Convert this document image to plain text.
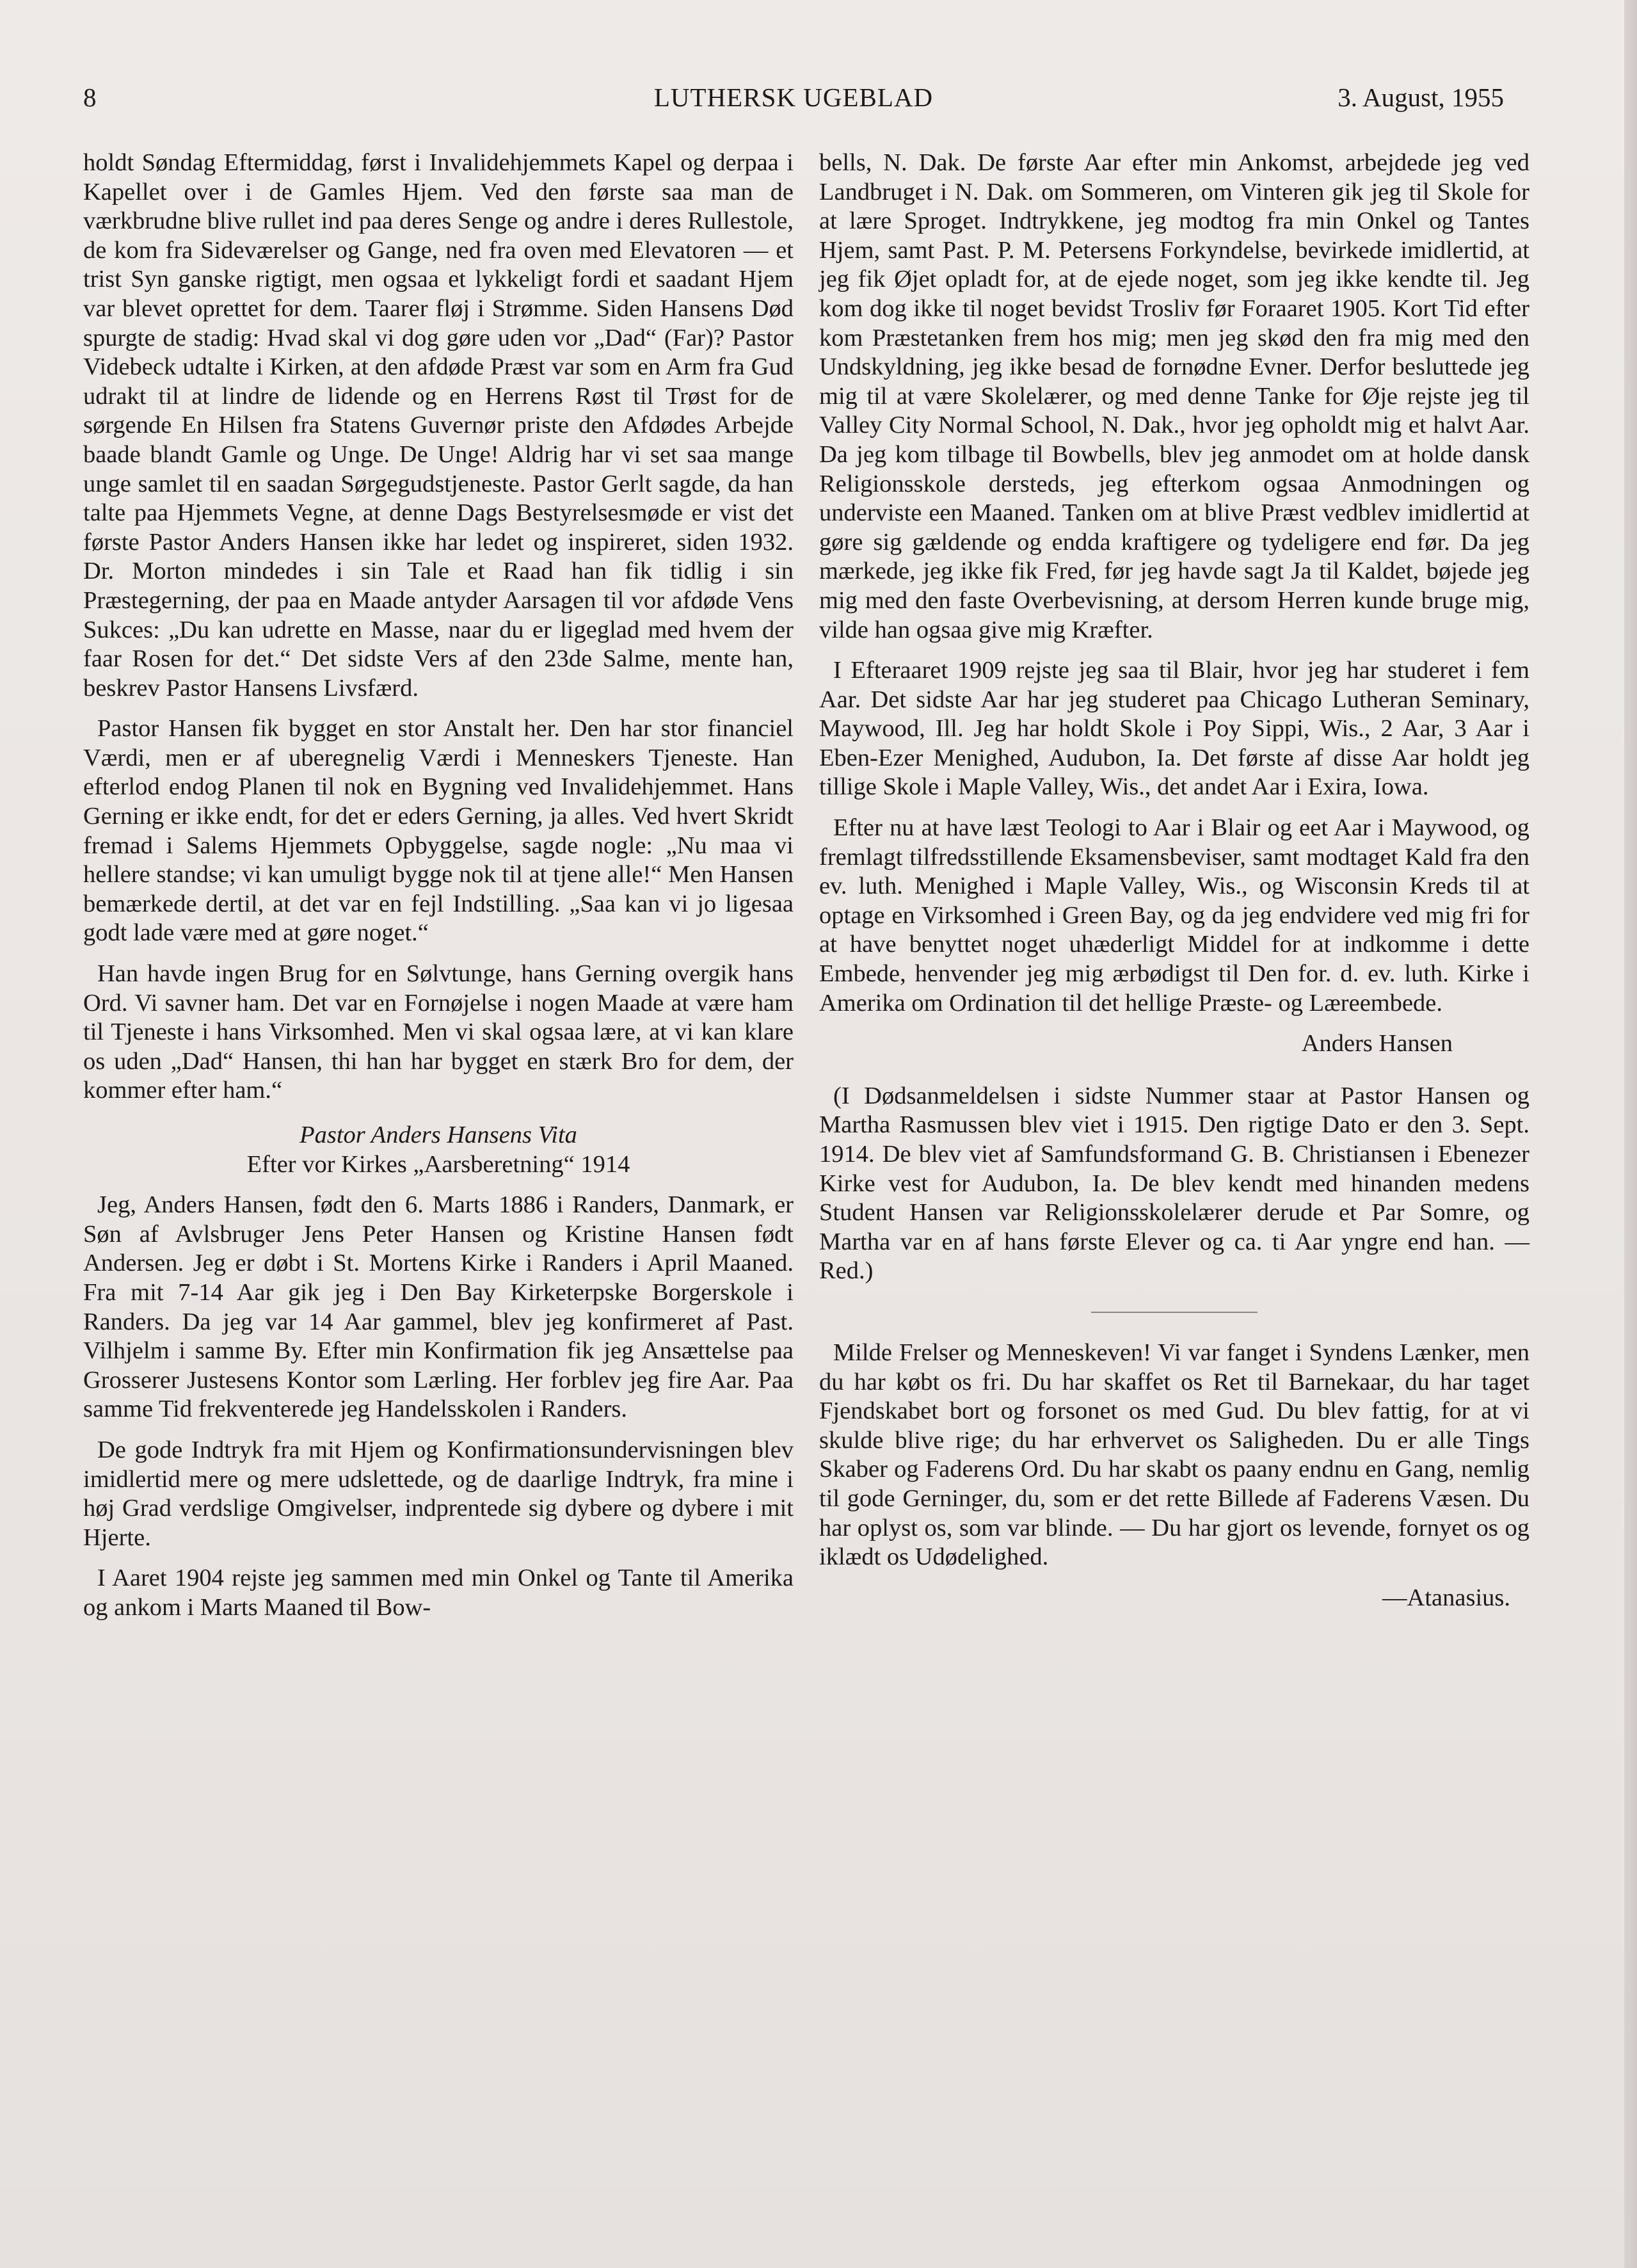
8	LUTHERSK UGEBLAD	3. August, 1955

holdt Søndag Eftermiddag, først i Invalidehjemmets Kapel og derpaa i Kapellet over i de Gamles Hjem. Ved den første saa man de værkbrudne blive rullet ind paa deres Senge og andre i deres Rullestole, de kom fra Sideværelser og Gange, ned fra oven med Elevatoren — et trist Syn ganske rigtigt, men ogsaa et lykkeligt fordi et saadant Hjem var blevet oprettet for dem. Taarer fløj i Strømme. Siden Hansens Død spurgte de stadig: Hvad skal vi dog gøre uden vor „Dad“ (Far)? Pastor Videbeck udtalte i Kirken, at den afdøde Præst var som en Arm fra Gud udrakt til at lindre de lidende og en Herrens Røst til Trøst for de sørgende En Hilsen fra Statens Guvernør priste den Afdødes Arbejde baade blandt Gamle og Unge. De Unge! Aldrig har vi set saa mange unge samlet til en saadan Sørgegudstjeneste. Pastor Gerlt sagde, da han talte paa Hjemmets Vegne, at denne Dags Bestyrelsesmøde er vist det første Pastor Anders Hansen ikke har ledet og inspireret, siden 1932. Dr. Morton mindedes i sin Tale et Raad han fik tidlig i sin Præstegerning, der paa en Maade antyder Aarsagen til vor afdøde Vens Sukces: „Du kan udrette en Masse, naar du er ligeglad med hvem der faar Rosen for det.“ Det sidste Vers af den 23de Salme, mente han, beskrev Pastor Hansens Livsfærd.

Pastor Hansen fik bygget en stor Anstalt her. Den har stor financiel Værdi, men er af uberegnelig Værdi i Menneskers Tjeneste. Han efterlod endog Planen til nok en Bygning ved Invalidehjemmet. Hans Gerning er ikke endt, for det er eders Gerning, ja alles. Ved hvert Skridt fremad i Salems Hjemmets Opbyggelse, sagde nogle: „Nu maa vi hellere standse; vi kan umuligt bygge nok til at tjene alle!“ Men Hansen bemærkede dertil, at det var en fejl Indstilling. „Saa kan vi jo ligesaa godt lade være med at gøre noget.“

Han havde ingen Brug for en Sølvtunge, hans Gerning overgik hans Ord. Vi savner ham. Det var en Fornøjelse i nogen Maade at være ham til Tjeneste i hans Virksomhed. Men vi skal ogsaa lære, at vi kan klare os uden „Dad“ Hansen, thi han har bygget en stærk Bro for dem, der kommer efter ham.“

Pastor Anders Hansens Vita

Efter vor Kirkes „Aarsberetning“ 1914

Jeg, Anders Hansen, født den 6. Marts 1886 i Randers, Danmark, er Søn af Avlsbruger Jens Peter Hansen og Kristine Hansen født Andersen. Jeg er døbt i St. Mortens Kirke i Randers i April Maaned. Fra mit 7-14 Aar gik jeg i Den Bay Kirketerpske Borgerskole i Randers. Da jeg var 14 Aar gammel, blev jeg konfirmeret af Past. Vilhjelm i samme By. Efter min Konfirmation fik jeg Ansættelse paa Grosserer Justesens Kontor som Lærling. Her forblev jeg fire Aar. Paa samme Tid frekventerede jeg Handelsskolen i Randers.

De gode Indtryk fra mit Hjem og Konfirmationsundervisningen blev imidlertid mere og mere udslettede, og de daarlige Indtryk, fra mine i høj Grad verdslige Omgivelser, indprentede sig dybere og dybere i mit Hjerte.

I Aaret 1904 rejste jeg sammen med min Onkel og Tante til Amerika og ankom i Marts Maaned til Bow-

bells, N. Dak. De første Aar efter min Ankomst, arbejdede jeg ved Landbruget i N. Dak. om Sommeren, om Vinteren gik jeg til Skole for at lære Sproget. Indtrykkene, jeg modtog fra min Onkel og Tantes Hjem, samt Past. P. M. Petersens Forkyndelse, bevirkede imidlertid, at jeg fik Øjet opladt for, at de ejede noget, som jeg ikke kendte til. Jeg kom dog ikke til noget bevidst Trosliv før Foraaret 1905. Kort Tid efter kom Præstetanken frem hos mig; men jeg skød den fra mig med den Undskyldning, jeg ikke besad de fornødne Evner. Derfor besluttede jeg mig til at være Skolelærer, og med denne Tanke for Øje rejste jeg til Valley City Normal School, N. Dak., hvor jeg opholdt mig et halvt Aar. Da jeg kom tilbage til Bowbells, blev jeg anmodet om at holde dansk Religionsskole dersteds, jeg efterkom ogsaa Anmodningen og underviste een Maaned. Tanken om at blive Præst vedblev imidlertid at gøre sig gældende og endda kraftigere og tydeligere end før. Da jeg mærkede, jeg ikke fik Fred, før jeg havde sagt Ja til Kaldet, bøjede jeg mig med den faste Overbevisning, at dersom Herren kunde bruge mig, vilde han ogsaa give mig Kræfter.

I Efteraaret 1909 rejste jeg saa til Blair, hvor jeg har studeret i fem Aar. Det sidste Aar har jeg studeret paa Chicago Lutheran Seminary, Maywood, Ill. Jeg har holdt Skole i Poy Sippi, Wis., 2 Aar, 3 Aar i Eben-Ezer Menighed, Audubon, Ia. Det første af disse Aar holdt jeg tillige Skole i Maple Valley, Wis., det andet Aar i Exira, Iowa.

Efter nu at have læst Teologi to Aar i Blair og eet Aar i Maywood, og fremlagt tilfredsstillende Eksamensbeviser, samt modtaget Kald fra den ev. luth. Menighed i Maple Valley, Wis., og Wisconsin Kreds til at optage en Virksomhed i Green Bay, og da jeg endvidere ved mig fri for at have benyttet noget uhæderligt Middel for at indkomme i dette Embede, henvender jeg mig ærbødigst til Den for. d. ev. luth. Kirke i Amerika om Ordination til det hellige Præste- og Læreembede.

Anders Hansen

(I Dødsanmeldelsen i sidste Nummer staar at Pastor Hansen og Martha Rasmussen blev viet i 1915. Den rigtige Dato er den 3. Sept. 1914. De blev viet af Samfundsformand G. B. Christiansen i Ebenezer Kirke vest for Audubon, Ia. De blev kendt med hinanden medens Student Hansen var Religionsskolelærer derude et Par Somre, og Martha var en af hans første Elever og ca. ti Aar yngre end han. —Red.)

Milde Frelser og Menneskeven! Vi var fanget i Syndens Lænker, men du har købt os fri. Du har skaffet os Ret til Barnekaar, du har taget Fjendskabet bort og forsonet os med Gud. Du blev fattig, for at vi skulde blive rige; du har erhvervet os Saligheden. Du er alle Tings Skaber og Faderens Ord. Du har skabt os paany endnu en Gang, nemlig til gode Gerninger, du, som er det rette Billede af Faderens Væsen. Du har oplyst os, som var blinde. — Du har gjort os levende, fornyet os og iklædt os Udødelighed.

—Atanasius.
